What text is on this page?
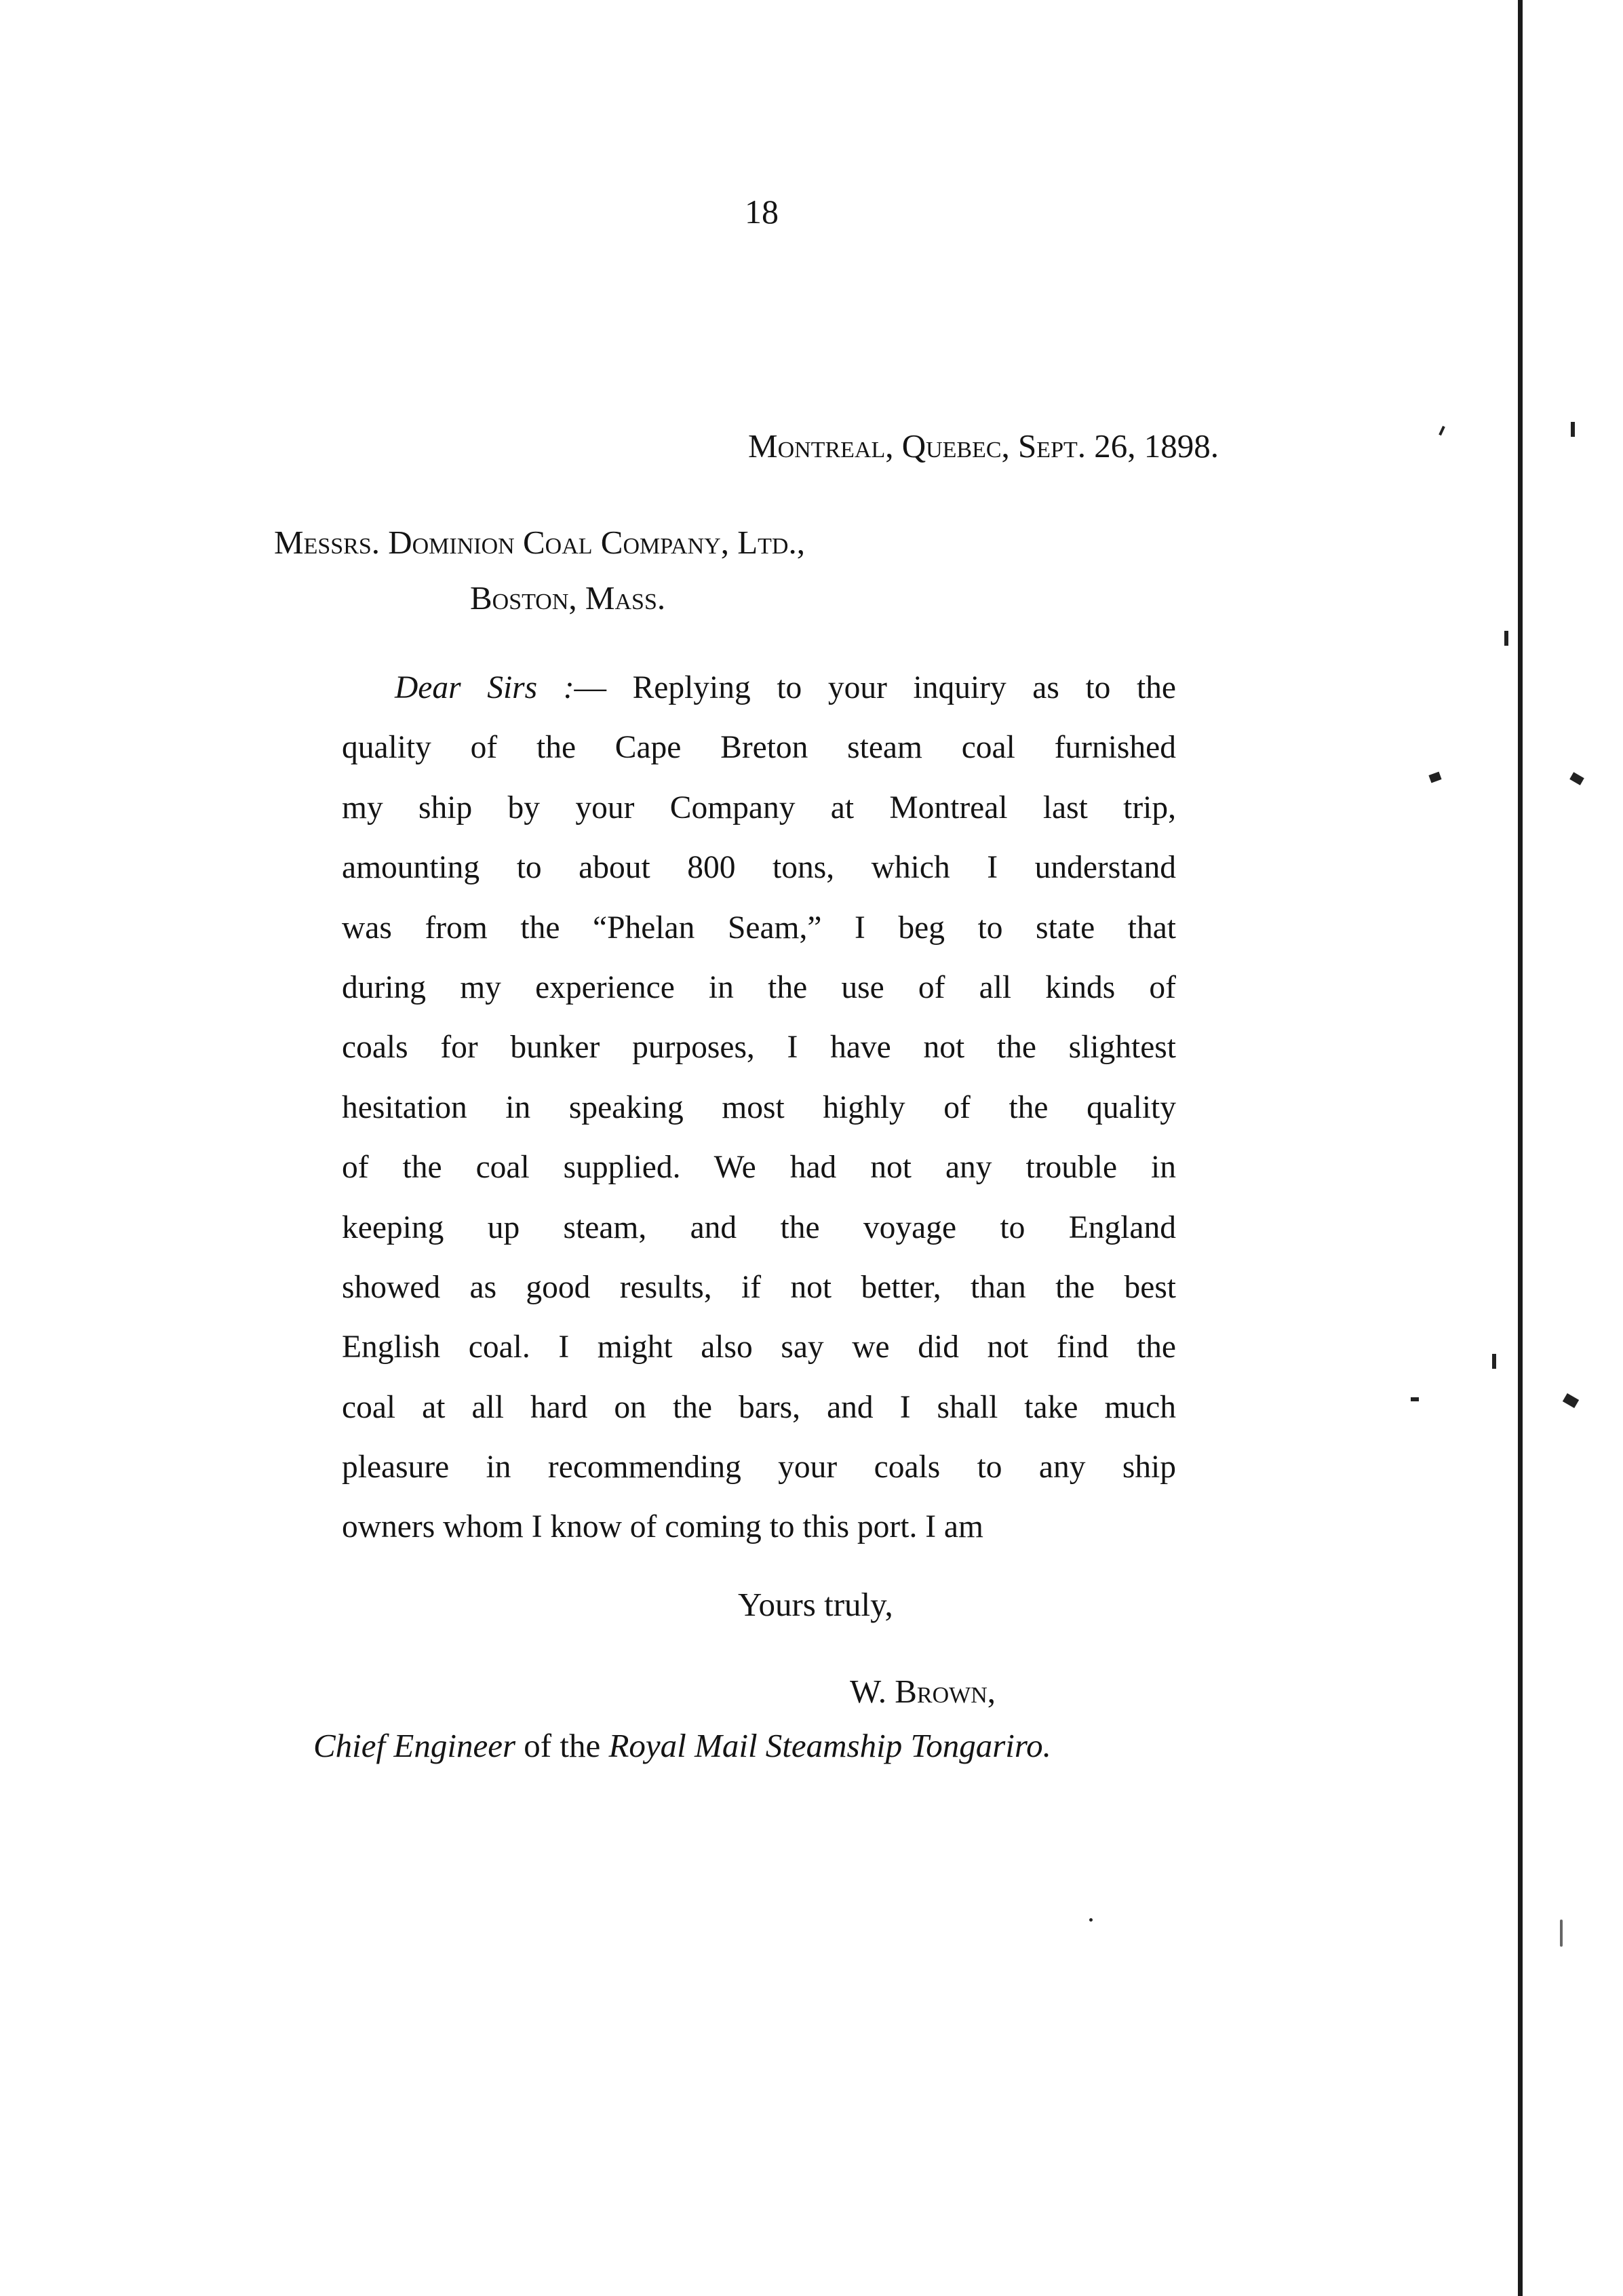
18
Montreal, Quebec, Sept. 26, 1898.
Messrs. Dominion Coal Company, Ltd.,
Boston, Mass.
Dear Sirs :— Replying to your inquiry as to the
quality of the Cape Breton steam coal furnished
my ship by your Company at Montreal last trip,
amounting to about 800 tons, which I understand
was from the “Phelan Seam,” I beg to state that
during my experience in the use of all kinds of
coals for bunker purposes, I have not the slightest
hesitation in speaking most highly of the quality
of the coal supplied. We had not any trouble in
keeping up steam, and the voyage to England
showed as good results, if not better, than the best
English coal. I might also say we did not find the
coal at all hard on the bars, and I shall take much
pleasure in recommending your coals to any ship
owners whom I know of coming to this port. I am
Yours truly,
W. Brown,
Chief Engineer of the Royal Mail Steamship Tongariro.
